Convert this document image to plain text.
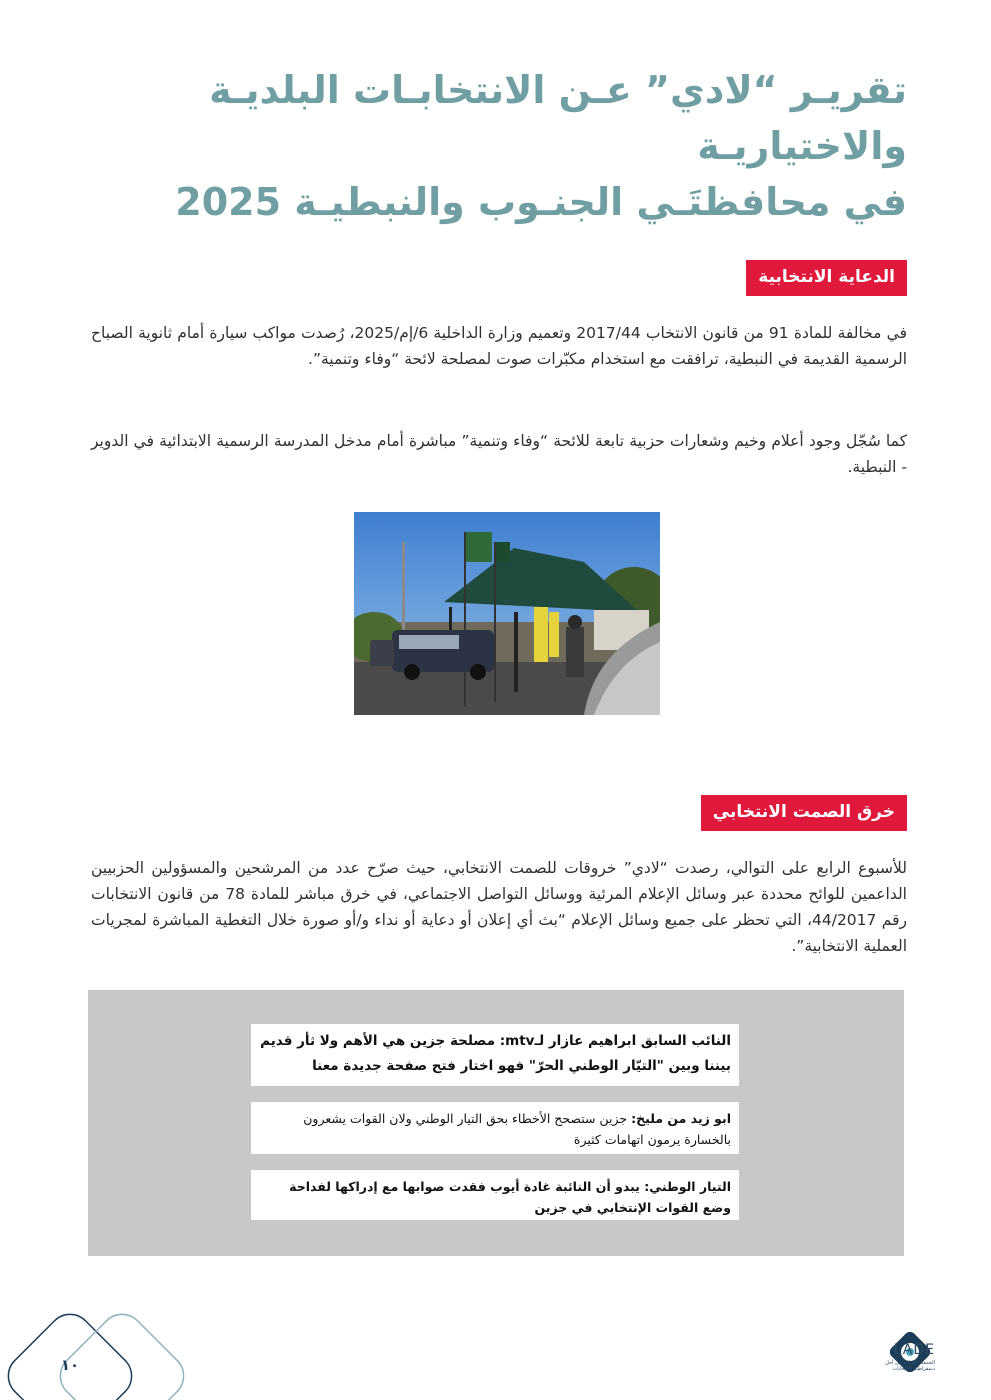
تقريـر “لادي” عـن الانتخابـات البلديـة والاختياريـة
في محافظتَـي الجنـوب والنبطيـة 2025
الدعاية الانتخابية

في مخالفة للمادة 91 من قانون الانتخاب 2017/44 وتعميم وزارة الداخلية 6/إم/2025، رُصدت مواكب سيارة أمام ثانوية الصباح الرسمية القديمة في النبطية، ترافقت مع استخدام مكبّرات صوت لمصلحة لائحة “وفاء وتنمية”.

كما سُجّل وجود أعلام وخيم وشعارات حزبية تابعة للائحة “وفاء وتنمية” مباشرة أمام مدخل المدرسة الرسمية الابتدائية في الدوير - النبطية.

خرق الصمت الانتخابي

للأسبوع الرابع على التوالي، رصدت “لادي” خروقات للصمت الانتخابي، حيث صرّح عدد من المرشحين والمسؤولين الحزبيين الداعمين للوائح محددة عبر وسائل الإعلام المرئية ووسائل التواصل الاجتماعي، في خرق مباشر للمادة 78 من قانون الانتخابات رقم 44/2017، التي تحظر على جميع وسائل الإعلام “بث أي إعلان أو دعاية أو نداء و/أو صورة خلال التغطية المباشرة لمجريات العملية الانتخابية”.

النائب السابق ابراهيم عازار لـmtv: مصلحة جزين هي الأهم ولا ثأر قديم بيننا وبين "التيّار الوطني الحرّ" فهو اختار فتح صفحة جديدة معنا
ابو زيد من مليخ: جزين ستصحح الأخطاء بحق التيار الوطني ولان القوات يشعرون بالخسارة يرمون اتهامات كثيرة
التيار الوطني: يبدو أن النائبة غادة أيوب فقدت صوابها مع إدراكها لفداحة وضع القوات الإنتخابي في جزين
١٠
LADE
الجمعية اللبنانية من أجل ديمقراطية الانتخابات
